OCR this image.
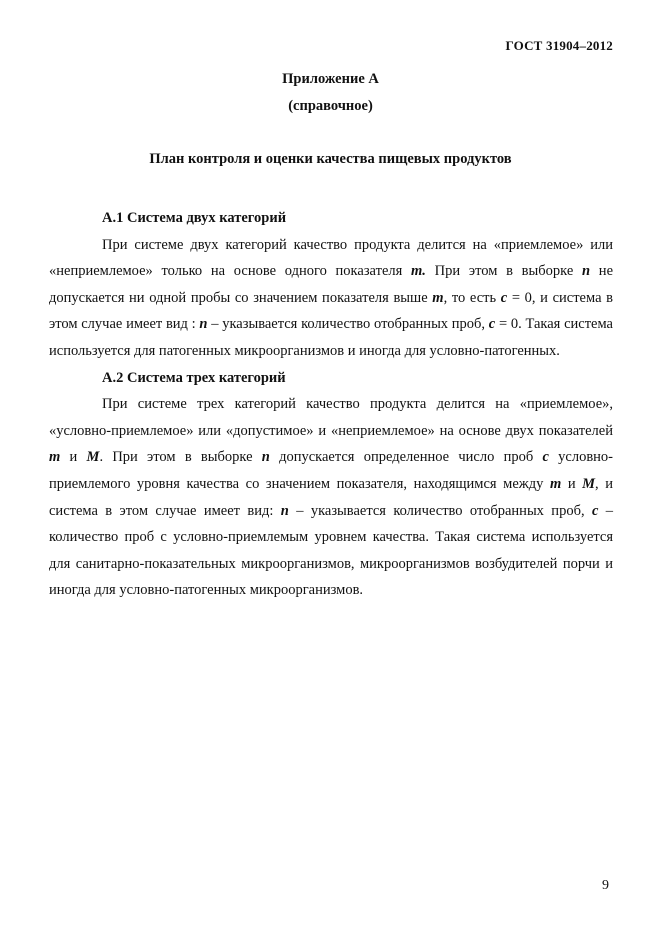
ГОСТ 31904–2012
Приложение А
(справочное)
План контроля и оценки качества пищевых продуктов

А.1 Система двух категорий

При системе двух категорий качество продукта делится на «приемлемое» или «неприемлемое» только на основе одного показателя m. При этом в выборке n не допускается ни одной пробы со значением показателя выше m, то есть c = 0, и система в этом случае имеет вид : n – указывается количество отобранных проб, c = 0. Такая система используется для патогенных микроорганизмов и иногда для условно-патогенных.

А.2 Система трех категорий

При системе трех категорий качество продукта делится на «приемлемое», «условно-приемлемое» или «допустимое» и «неприемлемое» на основе двух показателей m и M. При этом в выборке n допускается определенное число проб c условно-приемлемого уровня качества со значением показателя, находящимся между m и M, и система в этом случае имеет вид: n – указывается количество отобранных проб, c – количество проб с условно-приемлемым уровнем качества. Такая система используется для санитарно-показательных микроорганизмов, микроорганизмов возбудителей порчи и иногда для условно-патогенных микроорганизмов.

9
